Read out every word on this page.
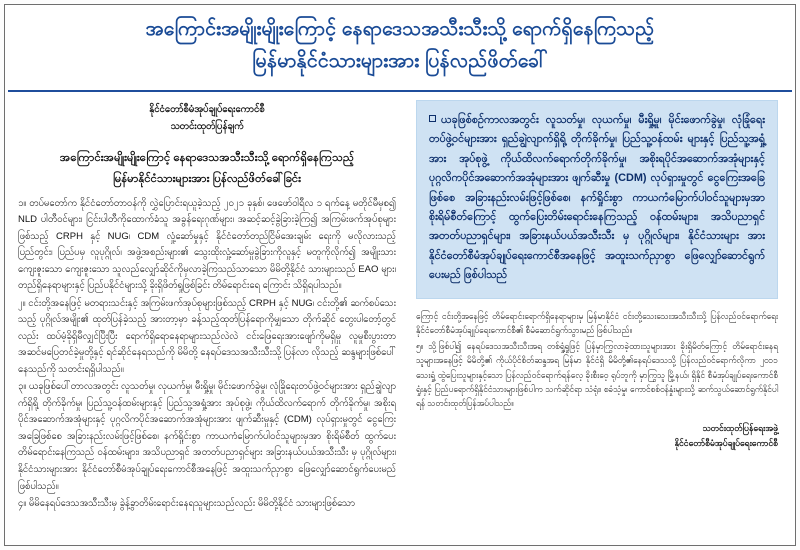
အကြောင်းအမျိုးမျိုးကြောင့် နေရာဒေသအသီးသီးသို့ ရောက်ရှိနေကြသည့်
မြန်မာနိုင်ငံသားများအား ပြန်လည်ဖိတ်ခေါ်
နိုင်ငံတော်စီမံအုပ်ချုပ်ရေးကောင်စီ
သတင်းထုတ်ပြန်ချက်
အကြောင်းအမျိုးမျိုးကြောင့် နေရာဒေသအသီးသီးသို့ ရောက်ရှိနေကြသည့်
မြန်မာနိုင်ငံသားများအား ပြန်လည်ဖိတ်ခေါ်ခြင်း

၁။ တပ်မတော်က နိုင်ငံတော်တာဝန်ကို လွှဲပြောင်းရယူခဲ့သည့် ၂၀၂၁ ခုနှစ်၊ ဖေဖော်ဝါရီလ ၁ ရက်နေ့ မတိုင်မီမှစ၍ NLD ပါတီဝင်များ၊ ငြင်းပါတီကိုထောက်ခံသူ အခွန်ရေးဂုဏ်များ၊ အဆင့်ဆင့်ခွဲခြားခဲ့ကြ၍ အကြမ်းဖက်အုပ်စုများဖြစ်သည့် CRPH နှင့် NUG၊ CDM လှုံ့ဆော်မှုနှင့် နိုင်ငံတော်တည်ငြိမ်အေးချမ်း ရေးကို မလိုလားသည့် ပြည်တွင်း၊ ပြည်ပမှ လူပုဂ္ဂိုလ်၊ အဖွဲ့အစည်းများ၏ သွေးထိုးလှုံ့ဆော်မှုခွဲခြားကိုလူနှင့် မတူကိုလိုက်၍ အမျိုးသား ကျေးဇူးသော ကျေးဇူးသော သူလည်လျှော်ဆိုင်ကိုမှလာခဲ့ကြသည်သာသော မိမိတို့နိုင်ငံ သားများသည် EAO များ၊ တည်ရှိနေရာများနှင့် ပြည်ပနိုင်ငံများသို့ ခိုးရှိဖိတ်ရှုဖြစ်ခြင်း တိမ်ရောင်းရေ ကြောင်း သိရှိရပါသည်။

၂။ ငင်းတို့အနေဖြင့် မတရားသင်းနှင့် အကြမ်းဖက်အုပ်စုများဖြစ်သည့် CRPH နှင့် NUG၊ ငင်းတို့၏ ဆက်စပ်သေးသည့် ပုဂ္ဂိုလ်အမျိုး၏ ထုတ်ပြန်ခဲ့သည့် အားတာ့မှာ ခန့်သည့်ထုတ်ပြန်ရောကိုမျှသော တိုက်ဆိုင် တွေးပါတော့်တွင်လည်း ထပ်မံ့ခိုရှိမီလျှင်ပြီးပြီး ရောက်ရှိရောနေရာများသည်လဲလဲ ငင်းဖြေရေးအားဖျော်ကိုမရှိမှု လူမှုစီးပွားတာ အဆင်မပြေတင်ခဲ့မှုတို့နှင့် ရင်ဆိုင်နေရသည်ကို မိမိတို့ နေရပ်ဒေသအသီးသီးသို့ ပြန်လာ လိုသည့် ဆန္ဒများဖြစ်ပေါ်နေသည်ကို သတင်းရရှိပါသည်။

၃။ ယခုဖြစ်ပေါ်တာလအတွင်း လူသတ်မှု၊ လုယက်မှု၊ မီးရှို့မှု၊ မိုင်းဖောက်ခွဲမှု၊ လုံခြိုရေးတပ်ဖွဲ့ဝင်များအား ရှည်ချွဲလျာက်ရှိရို့ တိုက်ခိုက်မှု၊ ပြည်သူ့ဝန်ထမ်းများနှင့် ပြည်သူ့အရှုံ့အား အုပ်စုဖွဲ့၊ ကိုယ်ထိလက်ရောက် တိုက်ခိုက်မှု၊ အစိုးရပိုင်အဆောက်အအုံများနှင့် ပုဂ္ဂလိကပိုင်အဆောက်အအုံများအား ဖျက်ဆီးမှုနှင့် (CDM) လုပ်ရှားမှုတွင် ငွေကြေးအခြေဖြစ်စေ အခြားနည်းလမ်းဖြင့်ဖြစ်စေ၊ နက်ရှိုင်းစွာ ကာယကံမြောက်ပါဝင်သူများမှအာ စိုးရိမ်စီတ် ထွက်ပေးတိမ်ရောင်းနေကြသည် ဝန်ထမ်းများ၊ အသိပညာရှင် အတတ်ပညာရှင်များ အခြားနယ်ပယ်အသီးသီး မှ ပုဂ္ဂိုလ်များ၊ နိုင်ငံသားများအား နိုင်ငံတော်စီမံအုပ်ချုပ်ရေးကောင်စီအနေဖြင့် အထူးသက်ညှာစွာ ဖြေလျှော်ဆောင်ရွက်ပေးမည် ဖြစ်ပါသည်။

၄။ မိမိနေရပ်ဒေသအသီးသီးမှ ခွဲန့်ခွာတိမ်းရောင်းနေရသူများသည်လည်း မိမိတို့နိုင်ငံ သားများဖြစ်သော

ယခုဖြစ်စဉ်ကာလအတွင်း လူသတ်မှု၊ လုယက်မှု၊ မီးရှို့မှု၊ မိုင်းဖောက်ခွဲမှု၊ လုံခြုံရေးတပ်ဖွဲ့ဝင်များအား ရှည်ချွဲလျာက်ရှိရို့ တိုက်ခိုက်မှု၊ ပြည်သူ့ဝန်ထမ်း များနှင့် ပြည်သူ့အရှုံ့အား အုပ်စုဖွဲ့ ကိုယ်ထိလက်ရောက်တိုက်ခိုက်မှု၊ အစိုးရပိုင်အဆောက်အအုံများနှင့် ပုဂ္ဂလိကပိုင်အဆောက်အအုံများအား ဖျက်ဆီးမှု (CDM) လုပ်ရှားမှုတွင် ငွေကြေးအခြေဖြစ်စေ အခြားနည်းလမ်းဖြင့်ဖြစ်စေ၊ နက်ရှိုင်းစွာ ကာယကံမြောက်ပါဝင်သူများမှအာ စိုးရိမ်စီတ်ကြောင့် ထွက်ပြေးတိမ်းရောင်းနေကြသည့် ဝန်ထမ်းများ၊ အသိပညာရှင် အတတ်ပညာရှင်များ၊ အခြားနယ်ပယ်အသီးသီး မှ ပုဂ္ဂိုလ်များ၊ နိုင်ငံသားများ အား နိုင်ငံတော်စီမံအုပ်ချုပ်ရေးကောင်စီအနေဖြင့် အထူးသက်ညှာစွာ ဖြေလျှော်ဆောင်ရွက်ပေးမည် ဖြစ်ပါသည်

ကြောင့် ငင်းတို့အနေဖြင့် တိမ်ရောင်းရောက်ရှိနေရာများမှ မြန်မာနိုင်ငံ ငင်းတို့သေးသေးအသီးသီးသို့ ပြန်လည်ဝင်ရောက်ရေး နိုင်ငံတော်စီမံအုပ်ချုပ်ရေးကောင်စီ၏ စီမံဆောင်ရွက်သွားမည် ဖြစ်ပါသည်။

၅။ သို့ဖြစ်ပါ၍ နေရပ်ဒေသအသီးသီးအရ တစ်ရှုံ့ရှုဖြင့် ပြန်မှာကြွလာခဲ့ထားသူများအား ခိုးရှိမိတ်ကြောင့် တိမ်ရောင်းနေရသူများအနေဖြင့် မိမိတို့၏ ကိုယ်ပိုင်စိတ်ဆန္ဒအရ မြန်မာ နိုင်ငံရှိ မိမိတို့၏နေရပ်ဒေသသို့ ပြန်လည်ဝင်ရောက်လိုကာ ၂၀၁၁ သေးရှုံ့ ထွဲပြေးသူများနှင့်သော ပြန်လည်ဝင်ရောက်ရန်လေ့ ခိုးစီးဝေ့ ရုပ်ဘူကို မှာကြွသူ မြို့နယ်၊ ရှိနိုင် စီမံအုပ်ချုပ်ရေးကောင်စီရှုံးနှင့် ပြည်ပရောက်ရှိနိုင်ငံသားများဖြစ်ပါက သက်ဆိုင်ရာ သံရုံး၊ စခံသံ့မှု၊ ကောင်စစ်ဝန်နှုံးများသို့ ဆက်သွယ်ဆောင်ရွက်နိုင်ပါရန် သတင်းထုတ်ပြန်အပ်ပါသည်။

သတင်းထုတ်ပြန်ရေးအဖွဲ့
နိုင်ငံတော်စီမံအုပ်ချုပ်ရေးကောင်စီ
